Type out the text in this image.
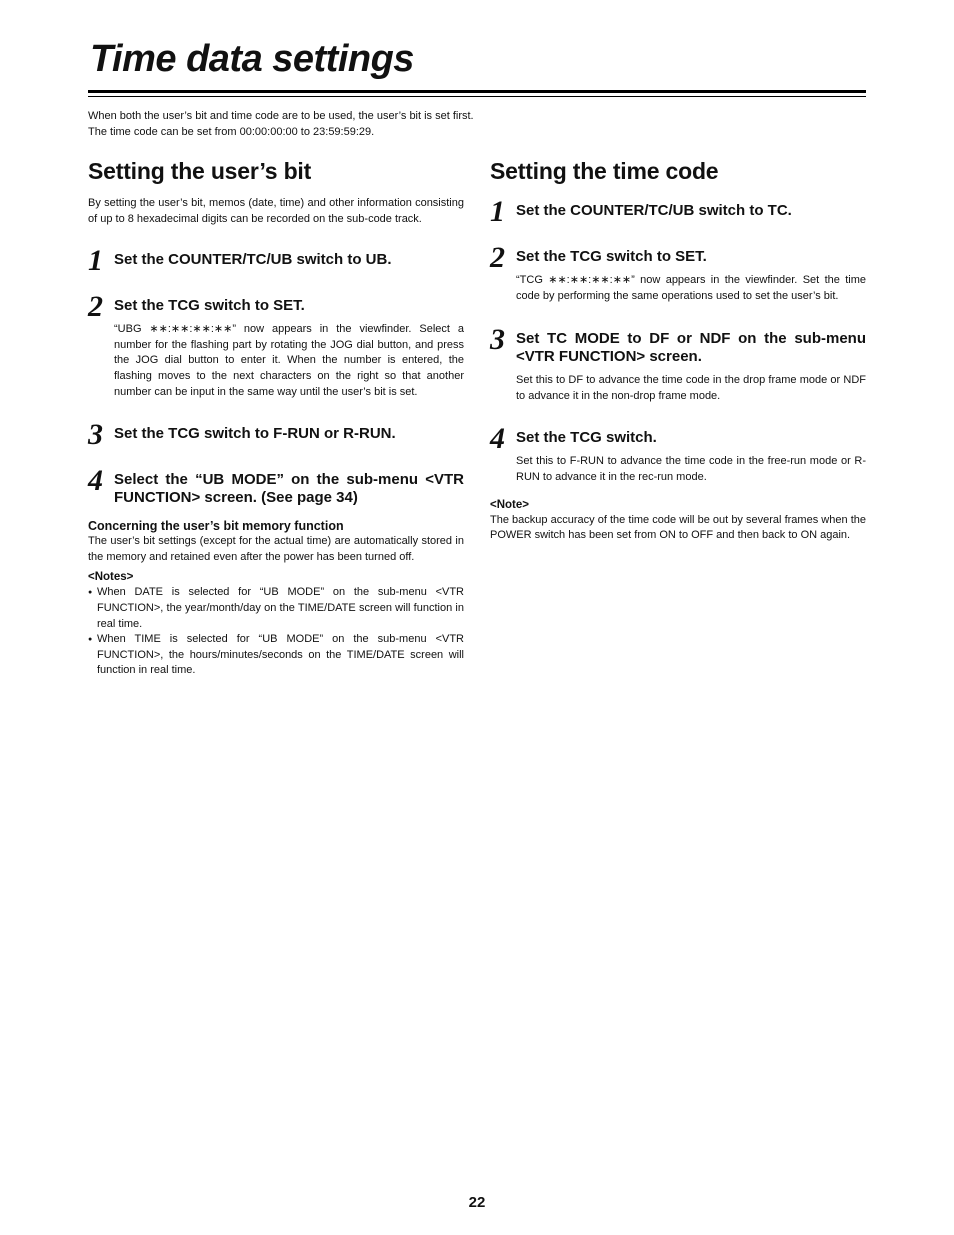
Time data settings

When both the user’s bit and time code are to be used, the user’s bit is set first.

The time code can be set from 00:00:00:00 to 23:59:59:29.

Setting the user’s bit

By setting the user’s bit, memos (date, time) and other information consisting of up to 8 hexadecimal digits can be recorded on the sub-code track.

1 Set the COUNTER/TC/UB switch to UB.

2 Set the TCG switch to SET.

“UBG ∗∗:∗∗:∗∗:∗∗” now appears in the viewfinder. Select a number for the flashing part by rotating the JOG dial button, and press the JOG dial button to enter it. When the number is entered, the flashing moves to the next characters on the right so that another number can be input in the same way until the user’s bit is set.

3 Set the TCG switch to F-RUN or R-RUN.

4 Select the “UB MODE” on the sub-menu <VTR FUNCTION> screen. (See page 34)

Concerning the user’s bit memory function

The user’s bit settings (except for the actual time) are automatically stored in the memory and retained even after the power has been turned off.

<Notes>

● When DATE is selected for “UB MODE” on the sub-menu <VTR FUNCTION>, the year/month/day on the TIME/DATE screen will function in real time.
● When TIME is selected for “UB MODE” on the sub-menu <VTR FUNCTION>, the hours/minutes/seconds on the TIME/DATE screen will function in real time.
Setting the time code
1 Set the COUNTER/TC/UB switch to TC.

2 Set the TCG switch to SET.

“TCG ∗∗:∗∗:∗∗:∗∗” now appears in the viewfinder. Set the time code by performing the same operations used to set the user’s bit.

3 Set TC MODE to DF or NDF on the sub-menu <VTR FUNCTION> screen.

Set this to DF to advance the time code in the drop frame mode or NDF to advance it in the non-drop frame mode.

4 Set the TCG switch.

Set this to F-RUN to advance the time code in the free-run mode or R-RUN to advance it in the rec-run mode.

<Note>

The backup accuracy of the time code will be out by several frames when the POWER switch has been set from ON to OFF and then back to ON again.

22
